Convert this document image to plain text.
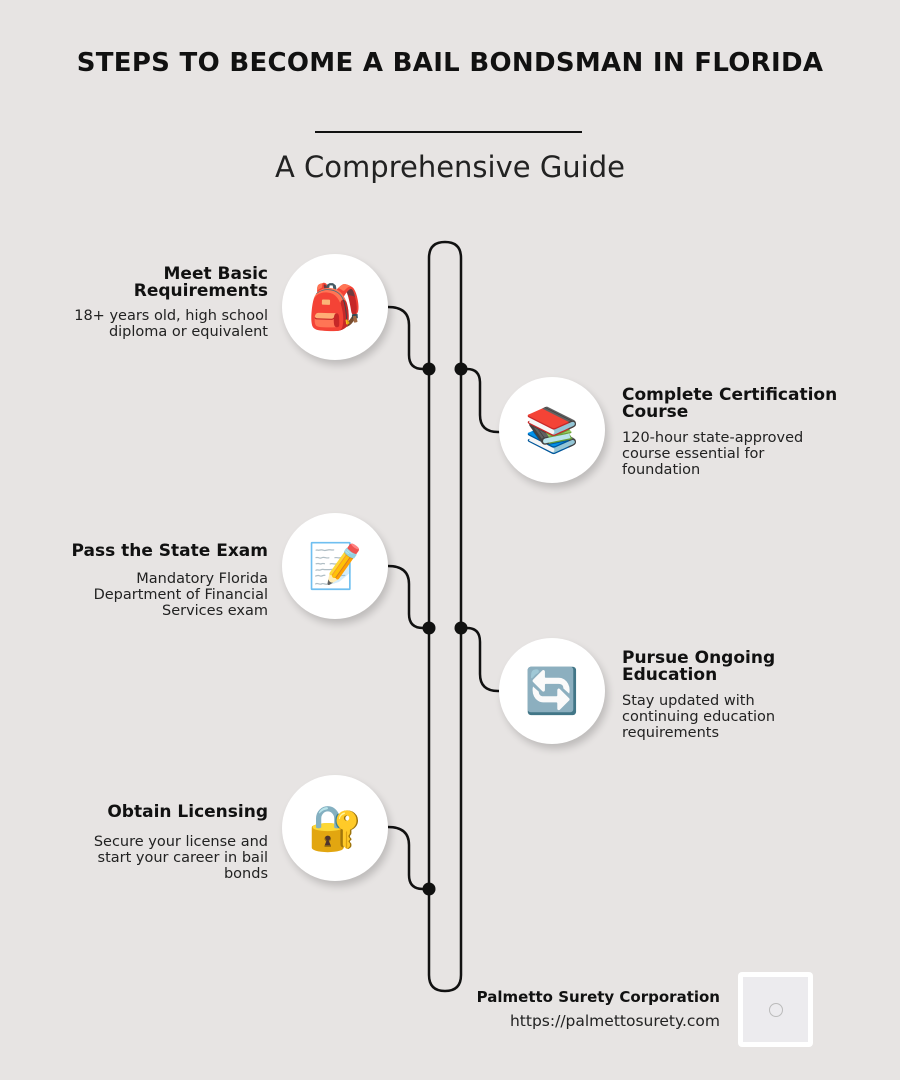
STEPS TO BECOME A BAIL BONDSMAN IN FLORIDA
A Comprehensive Guide
🎒
Meet Basic Requirements
18+ years old, high school diploma or equivalent
📚
Complete Certification Course
120-hour state-approved course essential for foundation
📝
Pass the State Exam
Mandatory Florida Department of Financial Services exam
🔄
Pursue Ongoing Education
Stay updated with continuing education requirements
🔐
Obtain Licensing
Secure your license and start your career in bail bonds
Palmetto Surety Corporation
https://palmettosurety.com
